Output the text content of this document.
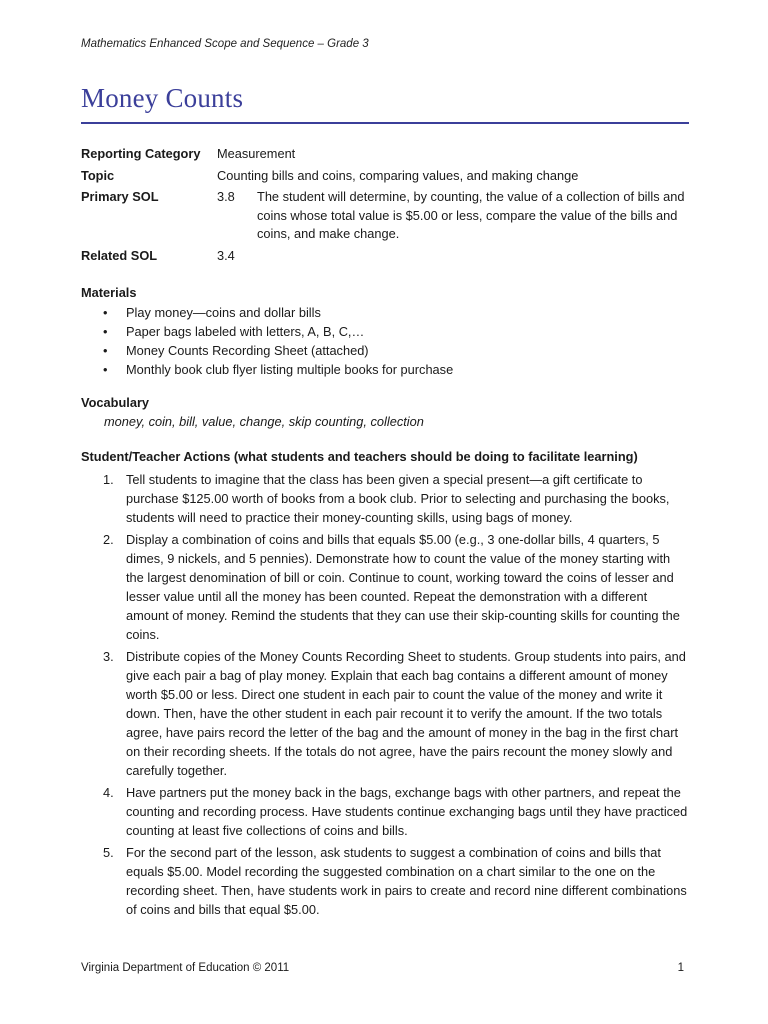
Mathematics Enhanced Scope and Sequence – Grade 3
Money Counts
Reporting Category	Measurement
Topic	Counting bills and coins, comparing values, and making change
Primary SOL	3.8 The student will determine, by counting, the value of a collection of bills and coins whose total value is $5.00 or less, compare the value of the bills and coins, and make change.
Related SOL	3.4
Materials
• Play money—coins and dollar bills
• Paper bags labeled with letters, A, B, C,…
• Money Counts Recording Sheet (attached)
• Monthly book club flyer listing multiple books for purchase
Vocabulary
money, coin, bill, value, change, skip counting, collection
Student/Teacher Actions (what students and teachers should be doing to facilitate learning)
1. Tell students to imagine that the class has been given a special present—a gift certificate to purchase $125.00 worth of books from a book club. Prior to selecting and purchasing the books, students will need to practice their money-counting skills, using bags of money.
2. Display a combination of coins and bills that equals $5.00 (e.g., 3 one-dollar bills, 4 quarters, 5 dimes, 9 nickels, and 5 pennies). Demonstrate how to count the value of the money starting with the largest denomination of bill or coin. Continue to count, working toward the coins of lesser and lesser value until all the money has been counted. Repeat the demonstration with a different amount of money. Remind the students that they can use their skip-counting skills for counting the coins.
3. Distribute copies of the Money Counts Recording Sheet to students. Group students into pairs, and give each pair a bag of play money. Explain that each bag contains a different amount of money worth $5.00 or less. Direct one student in each pair to count the value of the money and write it down. Then, have the other student in each pair recount it to verify the amount. If the two totals agree, have pairs record the letter of the bag and the amount of money in the bag in the first chart on their recording sheets. If the totals do not agree, have the pairs recount the money slowly and carefully together.
4. Have partners put the money back in the bags, exchange bags with other partners, and repeat the counting and recording process. Have students continue exchanging bags until they have practiced counting at least five collections of coins and bills.
5. For the second part of the lesson, ask students to suggest a combination of coins and bills that equals $5.00. Model recording the suggested combination on a chart similar to the one on the recording sheet. Then, have students work in pairs to create and record nine different combinations of coins and bills that equal $5.00.
Virginia Department of Education © 2011	1
